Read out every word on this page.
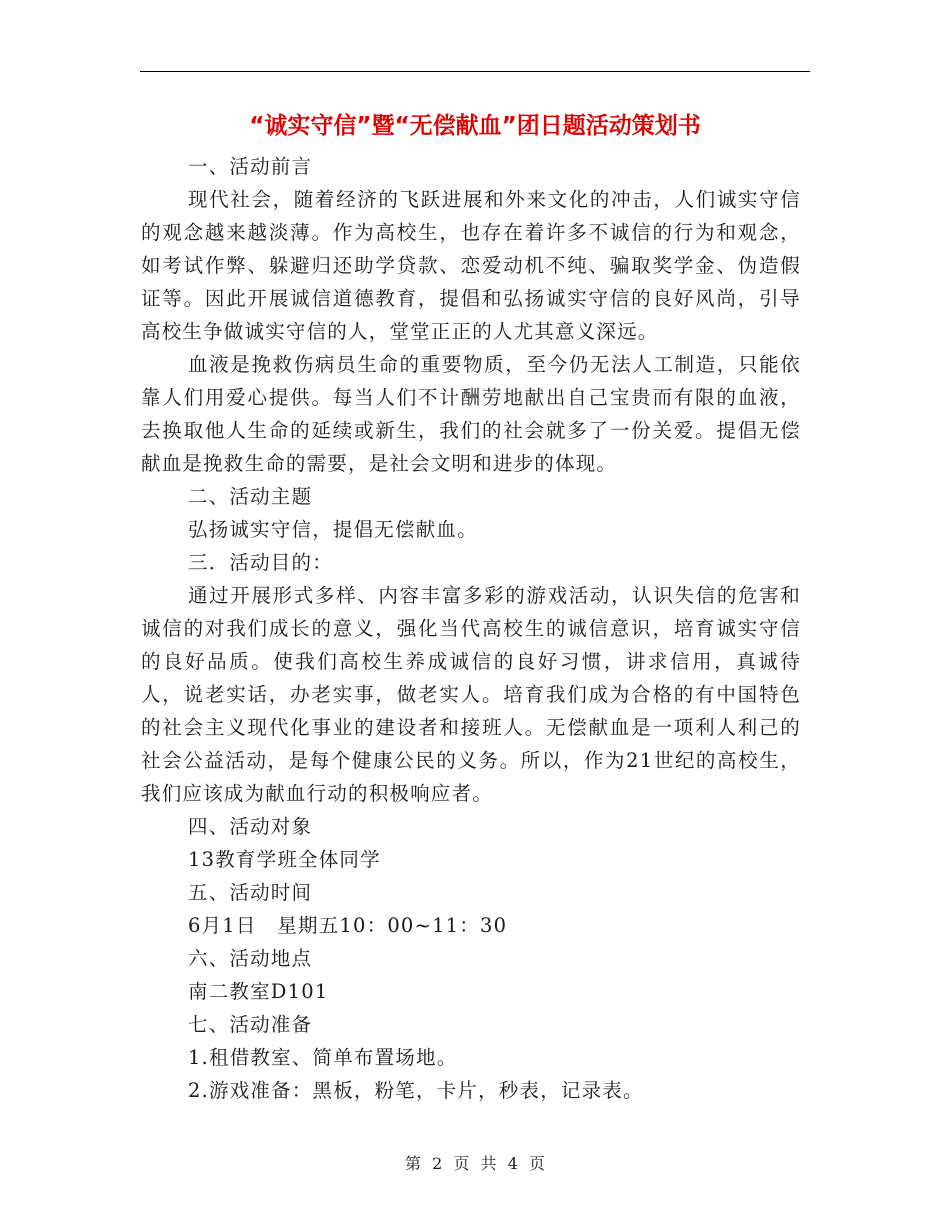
“诚实守信”暨“无偿献血”团日题活动策划书

一、活动前言

现代社会，随着经济的飞跃进展和外来文化的冲击，人们诚实守信的观念越来越淡薄。作为高校生，也存在着许多不诚信的行为和观念，如考试作弊、躲避归还助学贷款、恋爱动机不纯、骗取奖学金、伪造假证等。因此开展诚信道德教育，提倡和弘扬诚实守信的良好风尚，引导高校生争做诚实守信的人，堂堂正正的人尤其意义深远。

血液是挽救伤病员生命的重要物质，至今仍无法人工制造，只能依靠人们用爱心提供。每当人们不计酬劳地献出自己宝贵而有限的血液，去换取他人生命的延续或新生，我们的社会就多了一份关爱。提倡无偿献血是挽救生命的需要，是社会文明和进步的体现。

二、活动主题

弘扬诚实守信，提倡无偿献血。

三．活动目的：

通过开展形式多样、内容丰富多彩的游戏活动，认识失信的危害和诚信的对我们成长的意义，强化当代高校生的诚信意识，培育诚实守信的良好品质。使我们高校生养成诚信的良好习惯，讲求信用，真诚待人，说老实话，办老实事，做老实人。培育我们成为合格的有中国特色的社会主义现代化事业的建设者和接班人。无偿献血是一项利人利己的社会公益活动，是每个健康公民的义务。所以，作为21世纪的高校生，我们应该成为献血行动的积极响应者。

四、活动对象

13教育学班全体同学

五、活动时间

6月1日　星期五10：00~11：30

六、活动地点

南二教室D101

七、活动准备

1.租借教室、简单布置场地。

2.游戏准备：黑板，粉笔，卡片，秒表，记录表。

第 2 页 共 4 页
